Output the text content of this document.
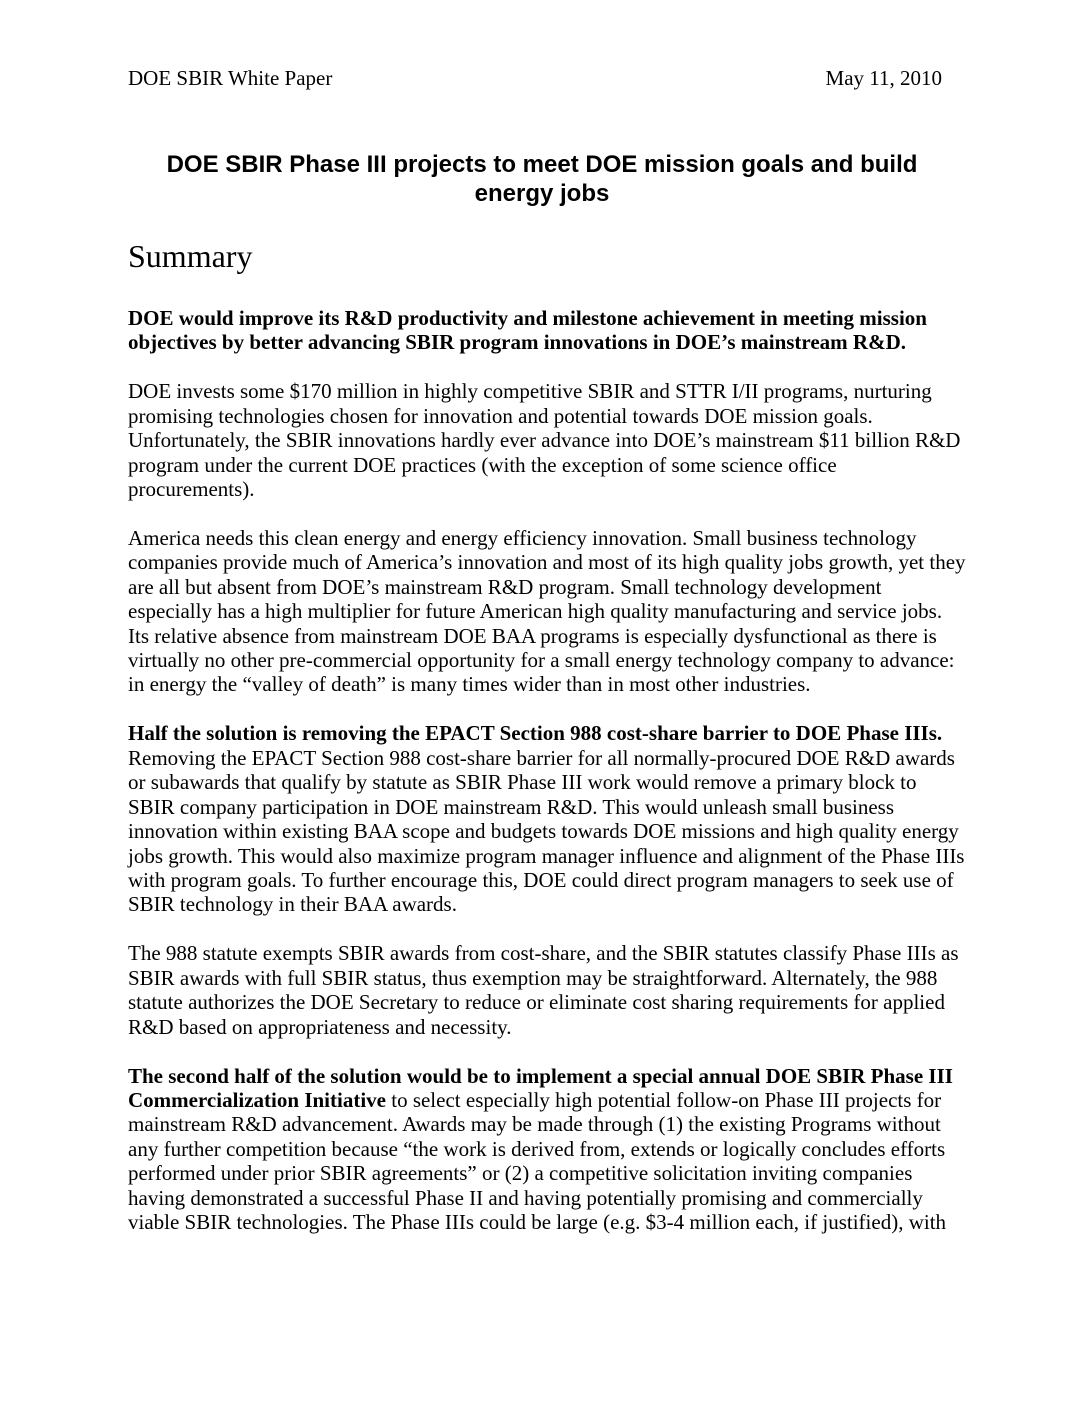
DOE SBIR White Paper	May 11, 2010
DOE SBIR Phase III projects to meet DOE mission goals and build energy jobs
Summary

DOE would improve its R&D productivity and milestone achievement in meeting mission objectives by better advancing SBIR program innovations in DOE’s mainstream R&D.

DOE invests some $170 million in highly competitive SBIR and STTR I/II programs, nurturing promising technologies chosen for innovation and potential towards DOE mission goals. Unfortunately, the SBIR innovations hardly ever advance into DOE’s mainstream $11 billion R&D program under the current DOE practices (with the exception of some science office procurements).

America needs this clean energy and energy efficiency innovation. Small business technology companies provide much of America’s innovation and most of its high quality jobs growth, yet they are all but absent from DOE’s mainstream R&D program. Small technology development especially has a high multiplier for future American high quality manufacturing and service jobs. Its relative absence from mainstream DOE BAA programs is especially dysfunctional as there is virtually no other pre-commercial opportunity for a small energy technology company to advance: in energy the “valley of death” is many times wider than in most other industries.

Half the solution is removing the EPACT Section 988 cost-share barrier to DOE Phase IIIs.
Removing the EPACT Section 988 cost-share barrier for all normally-procured DOE R&D awards or subawards that qualify by statute as SBIR Phase III work would remove a primary block to SBIR company participation in DOE mainstream R&D. This would unleash small business innovation within existing BAA scope and budgets towards DOE missions and high quality energy jobs growth. This would also maximize program manager influence and alignment of the Phase IIIs with program goals. To further encourage this, DOE could direct program managers to seek use of SBIR technology in their BAA awards.

The 988 statute exempts SBIR awards from cost-share, and the SBIR statutes classify Phase IIIs as SBIR awards with full SBIR status, thus exemption may be straightforward. Alternately, the 988 statute authorizes the DOE Secretary to reduce or eliminate cost sharing requirements for applied R&D based on appropriateness and necessity.

The second half of the solution would be to implement a special annual DOE SBIR Phase III Commercialization Initiative to select especially high potential follow-on Phase III projects for mainstream R&D advancement. Awards may be made through (1) the existing Programs without any further competition because “the work is derived from, extends or logically concludes efforts performed under prior SBIR agreements” or (2) a competitive solicitation inviting companies having demonstrated a successful Phase II and having potentially promising and commercially viable SBIR technologies. The Phase IIIs could be large (e.g. $3-4 million each, if justified), with
